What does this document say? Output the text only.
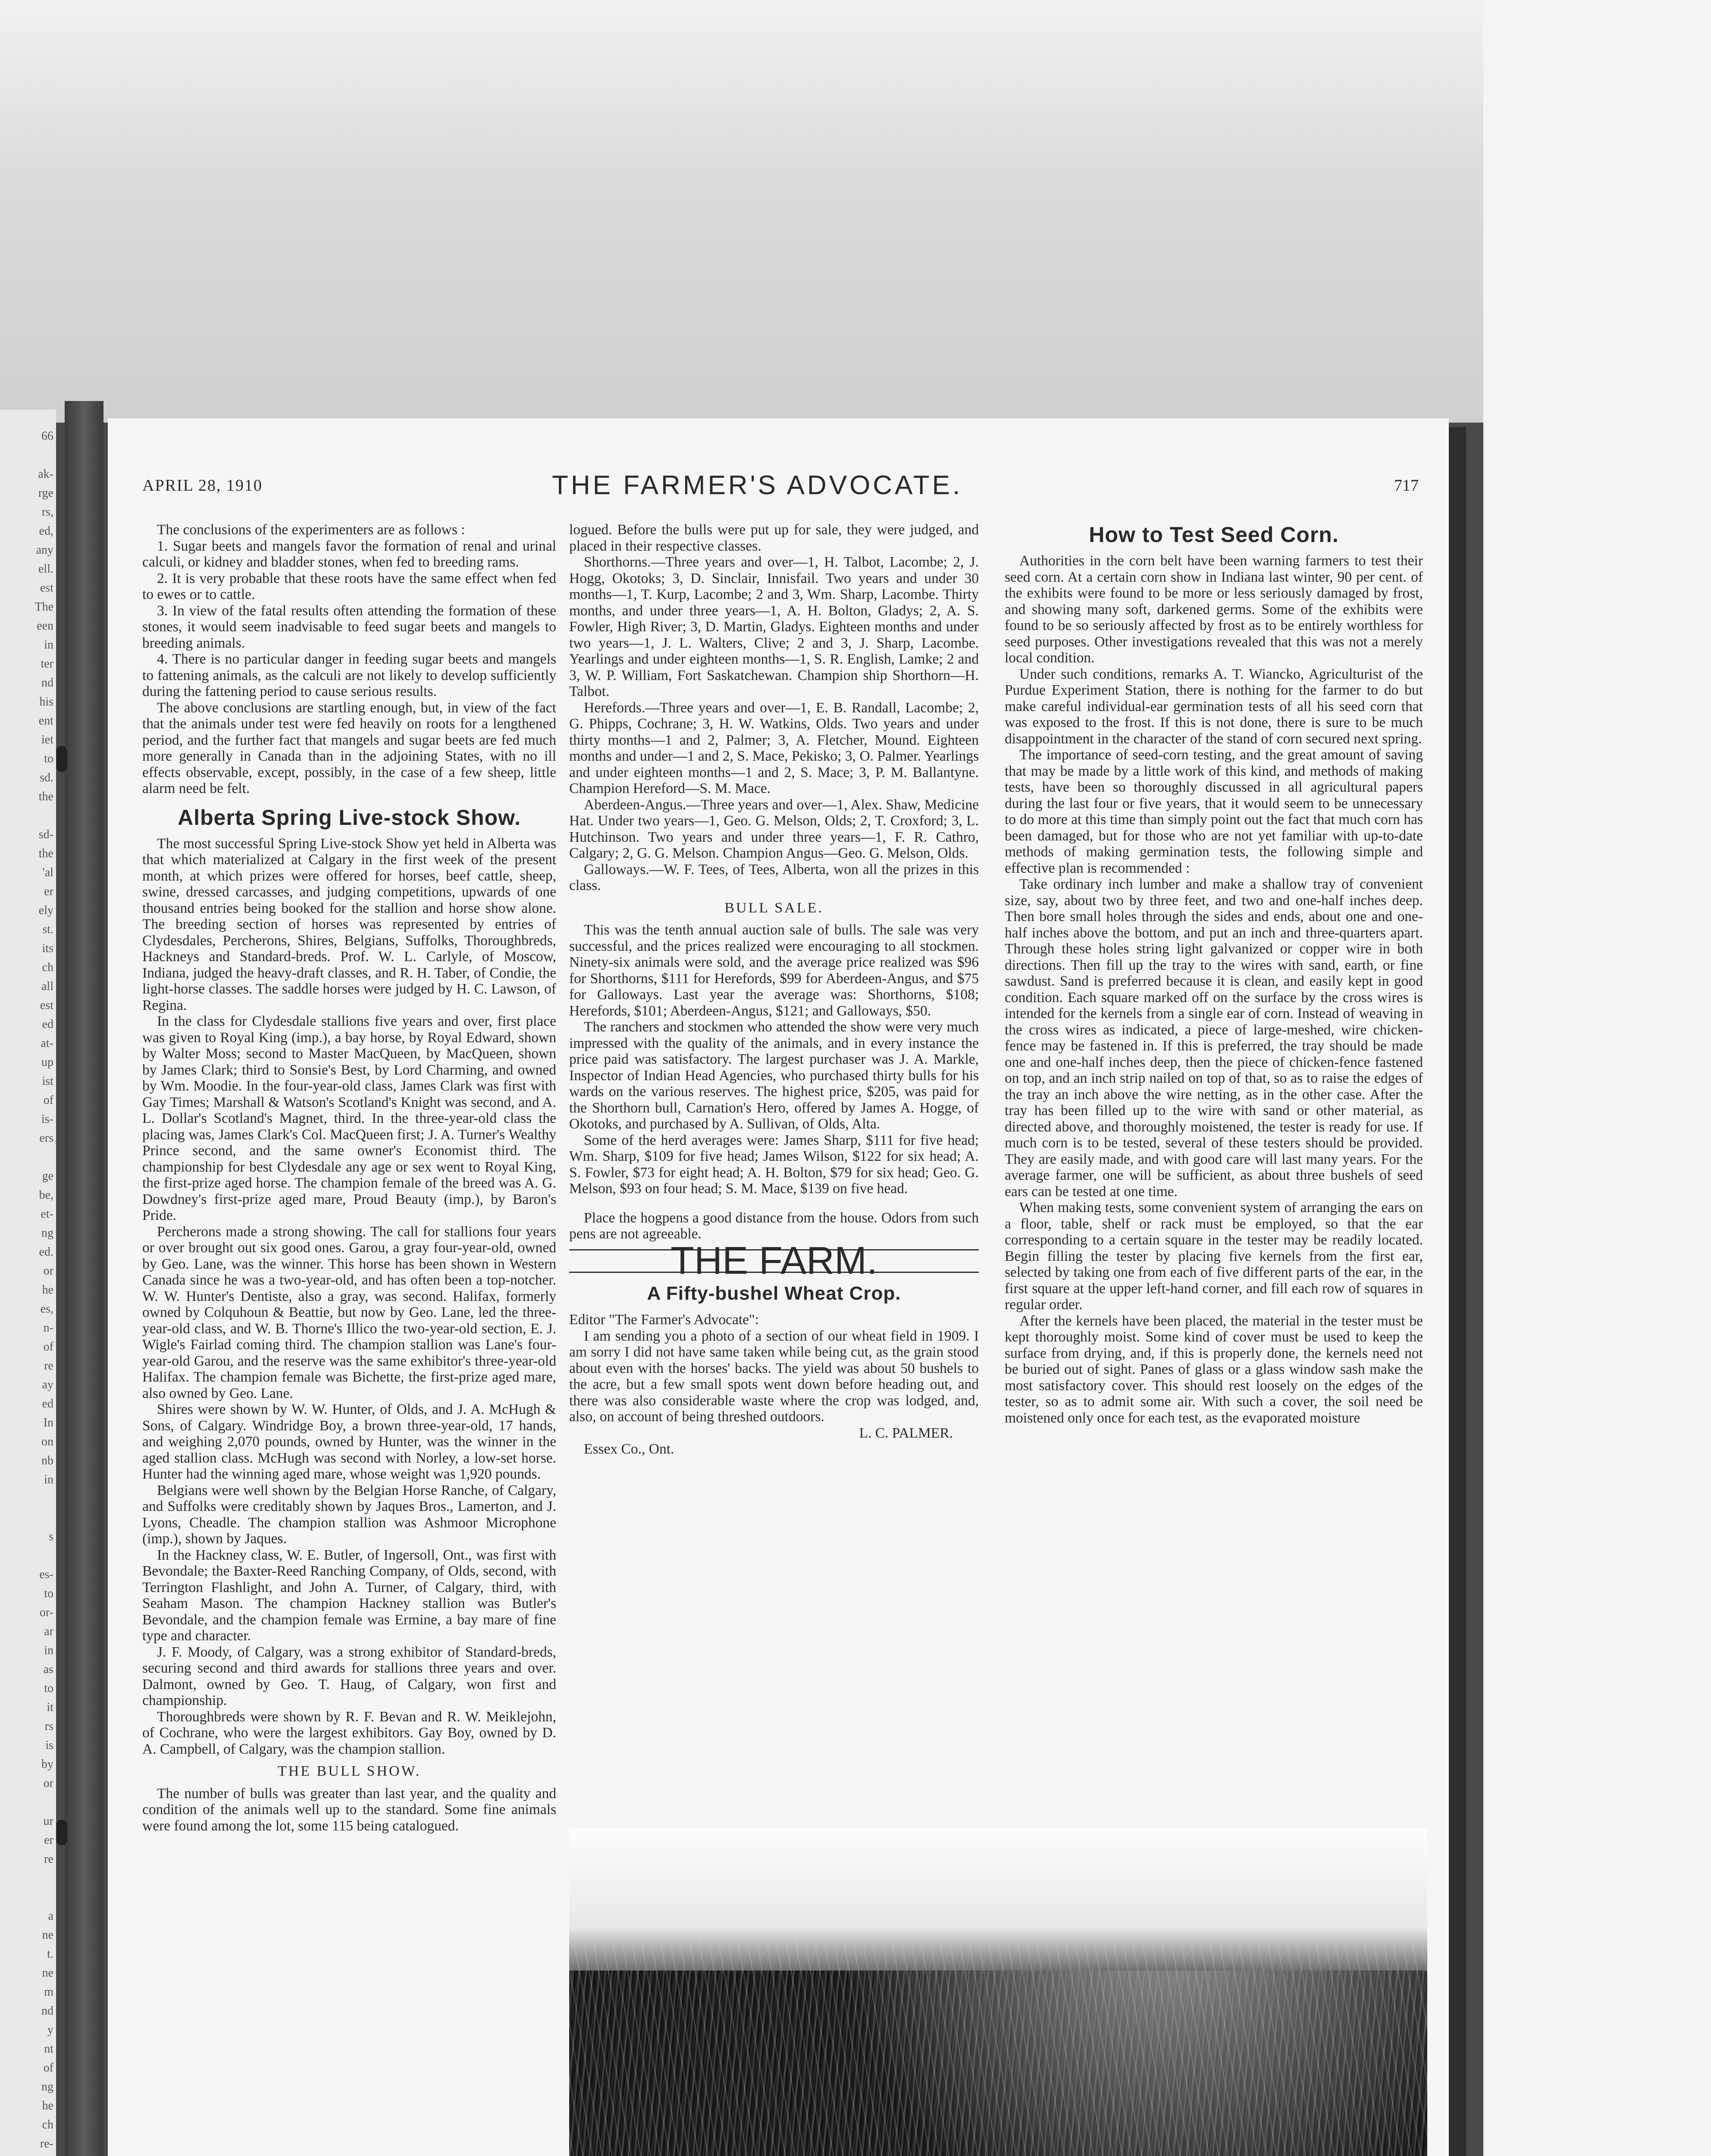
66

ak-
rge
rs,
ed,
any
ell.
est
The
een
in
ter
nd
his
ent
iet
to
sd.
the

sd-
the
'al
er
ely
st.
its
ch
all
est
ed
at-
up
ist
of
is-
ers

ge
be,
et-
ng
ed.
or
he
es,
n-
of
re
ay
ed
In
on
nb
in

s

es-
to
or-
ar
in
as
to
it
rs
is
by
or

ur
er
re

a
ne
t.
ne
m
nd
y
nt
of
ng
he
ch
re-

APRIL 28, 1910	THE FARMER'S ADVOCATE.	717

The conclusions of the experimenters are as follows :

1. Sugar beets and mangels favor the formation of renal and urinal calculi, or kidney and bladder stones, when fed to breeding rams.

2. It is very probable that these roots have the same effect when fed to ewes or to cattle.

3. In view of the fatal results often attending the formation of these stones, it would seem inadvisable to feed sugar beets and mangels to breeding animals.

4. There is no particular danger in feeding sugar beets and mangels to fattening animals, as the calculi are not likely to develop sufficiently during the fattening period to cause serious results.

The above conclusions are startling enough, but, in view of the fact that the animals under test were fed heavily on roots for a lengthened period, and the further fact that mangels and sugar beets are fed much more generally in Canada than in the adjoining States, with no ill effects observable, except, possibly, in the case of a few sheep, little alarm need be felt.

Alberta Spring Live-stock Show.

The most successful Spring Live-stock Show yet held in Alberta was that which materialized at Calgary in the first week of the present month, at which prizes were offered for horses, beef cattle, sheep, swine, dressed carcasses, and judging competitions, upwards of one thousand entries being booked for the stallion and horse show alone. The breeding section of horses was represented by entries of Clydesdales, Percherons, Shires, Belgians, Suffolks, Thoroughbreds, Hackneys and Standard-breds. Prof. W. L. Carlyle, of Moscow, Indiana, judged the heavy-draft classes, and R. H. Taber, of Condie, the light-horse classes. The saddle horses were judged by H. C. Lawson, of Regina.

In the class for Clydesdale stallions five years and over, first place was given to Royal King (imp.), a bay horse, by Royal Edward, shown by Walter Moss; second to Master MacQueen, by MacQueen, shown by James Clark; third to Sonsie's Best, by Lord Charming, and owned by Wm. Moodie. In the four-year-old class, James Clark was first with Gay Times; Marshall & Watson's Scotland's Knight was second, and A. L. Dollar's Scotland's Magnet, third. In the three-year-old class the placing was, James Clark's Col. MacQueen first; J. A. Turner's Wealthy Prince second, and the same owner's Economist third. The championship for best Clydesdale any age or sex went to Royal King, the first-prize aged horse. The champion female of the breed was A. G. Dowdney's first-prize aged mare, Proud Beauty (imp.), by Baron's Pride.

Percherons made a strong showing. The call for stallions four years or over brought out six good ones. Garou, a gray four-year-old, owned by Geo. Lane, was the winner. This horse has been shown in Western Canada since he was a two-year-old, and has often been a top-notcher. W. W. Hunter's Dentiste, also a gray, was second. Halifax, formerly owned by Colquhoun & Beattie, but now by Geo. Lane, led the three-year-old class, and W. B. Thorne's Illico the two-year-old section, E. J. Wigle's Fairlad coming third. The champion stallion was Lane's four-year-old Garou, and the reserve was the same exhibitor's three-year-old Halifax. The champion female was Bichette, the first-prize aged mare, also owned by Geo. Lane.

Shires were shown by W. W. Hunter, of Olds, and J. A. McHugh & Sons, of Calgary. Windridge Boy, a brown three-year-old, 17 hands, and weighing 2,070 pounds, owned by Hunter, was the winner in the aged stallion class. McHugh was second with Norley, a low-set horse. Hunter had the winning aged mare, whose weight was 1,920 pounds.

Belgians were well shown by the Belgian Horse Ranche, of Calgary, and Suffolks were creditably shown by Jaques Bros., Lamerton, and J. Lyons, Cheadle. The champion stallion was Ashmoor Microphone (imp.), shown by Jaques.

In the Hackney class, W. E. Butler, of Ingersoll, Ont., was first with Bevondale; the Baxter-Reed Ranching Company, of Olds, second, with Terrington Flashlight, and John A. Turner, of Calgary, third, with Seaham Mason. The champion Hackney stallion was Butler's Bevondale, and the champion female was Ermine, a bay mare of fine type and character.

J. F. Moody, of Calgary, was a strong exhibitor of Standard-breds, securing second and third awards for stallions three years and over. Dalmont, owned by Geo. T. Haug, of Calgary, won first and championship.

Thoroughbreds were shown by R. F. Bevan and R. W. Meiklejohn, of Cochrane, who were the largest exhibitors. Gay Boy, owned by D. A. Campbell, of Calgary, was the champion stallion.

THE BULL SHOW.

The number of bulls was greater than last year, and the quality and condition of the animals well up to the standard. Some fine animals were found among the lot, some 115 being catalogued.

logued. Before the bulls were put up for sale, they were judged, and placed in their respective classes.

Shorthorns.—Three years and over—1, H. Talbot, Lacombe; 2, J. Hogg, Okotoks; 3, D. Sinclair, Innisfail. Two years and under 30 months—1, T. Kurp, Lacombe; 2 and 3, Wm. Sharp, Lacombe. Thirty months, and under three years—1, A. H. Bolton, Gladys; 2, A. S. Fowler, High River; 3, D. Martin, Gladys. Eighteen months and under two years—1, J. L. Walters, Clive; 2 and 3, J. Sharp, Lacombe. Yearlings and under eighteen months—1, S. R. English, Lamke; 2 and 3, W. P. William, Fort Saskatchewan. Champion ship Shorthorn—H. Talbot.

Herefords.—Three years and over—1, E. B. Randall, Lacombe; 2, G. Phipps, Cochrane; 3, H. W. Watkins, Olds. Two years and under thirty months—1 and 2, Palmer; 3, A. Fletcher, Mound. Eighteen months and under—1 and 2, S. Mace, Pekisko; 3, O. Palmer. Yearlings and under eighteen months—1 and 2, S. Mace; 3, P. M. Ballantyne. Champion Hereford—S. M. Mace.

Aberdeen-Angus.—Three years and over—1, Alex. Shaw, Medicine Hat. Under two years—1, Geo. G. Melson, Olds; 2, T. Croxford; 3, L. Hutchinson. Two years and under three years—1, F. R. Cathro, Calgary; 2, G. G. Melson. Champion Angus—Geo. G. Melson, Olds.

Galloways.—W. F. Tees, of Tees, Alberta, won all the prizes in this class.

BULL SALE.

This was the tenth annual auction sale of bulls. The sale was very successful, and the prices realized were encouraging to all stockmen. Ninety-six animals were sold, and the average price realized was $96 for Shorthorns, $111 for Herefords, $99 for Aberdeen-Angus, and $75 for Galloways. Last year the average was: Shorthorns, $108; Herefords, $101; Aberdeen-Angus, $121; and Galloways, $50.

The ranchers and stockmen who attended the show were very much impressed with the quality of the animals, and in every instance the price paid was satisfactory. The largest purchaser was J. A. Markle, Inspector of Indian Head Agencies, who purchased thirty bulls for his wards on the various reserves. The highest price, $205, was paid for the Shorthorn bull, Carnation's Hero, offered by James A. Hogge, of Okotoks, and purchased by A. Sullivan, of Olds, Alta.

Some of the herd averages were: James Sharp, $111 for five head; Wm. Sharp, $109 for five head; James Wilson, $122 for six head; A. S. Fowler, $73 for eight head; A. H. Bolton, $79 for six head; Geo. G. Melson, $93 on four head; S. M. Mace, $139 on five head.

Place the hogpens a good distance from the house. Odors from such pens are not agreeable.

THE FARM.
A Fifty-bushel Wheat Crop.

Editor "The Farmer's Advocate":

I am sending you a photo of a section of our wheat field in 1909. I am sorry I did not have same taken while being cut, as the grain stood about even with the horses' backs. The yield was about 50 bushels to the acre, but a few small spots went down before heading out, and there was also considerable waste where the crop was lodged, and, also, on account of being threshed outdoors.

L. C. PALMER.

Essex Co., Ont.

How to Test Seed Corn.

Authorities in the corn belt have been warning farmers to test their seed corn. At a certain corn show in Indiana last winter, 90 per cent. of the exhibits were found to be more or less seriously damaged by frost, and showing many soft, darkened germs. Some of the exhibits were found to be so seriously affected by frost as to be entirely worthless for seed purposes. Other investigations revealed that this was not a merely local condition.

Under such conditions, remarks A. T. Wiancko, Agriculturist of the Purdue Experiment Station, there is nothing for the farmer to do but make careful individual-ear germination tests of all his seed corn that was exposed to the frost. If this is not done, there is sure to be much disappointment in the character of the stand of corn secured next spring.

The importance of seed-corn testing, and the great amount of saving that may be made by a little work of this kind, and methods of making tests, have been so thoroughly discussed in all agricultural papers during the last four or five years, that it would seem to be unnecessary to do more at this time than simply point out the fact that much corn has been damaged, but for those who are not yet familiar with up-to-date methods of making germination tests, the following simple and effective plan is recommended :

Take ordinary inch lumber and make a shallow tray of convenient size, say, about two by three feet, and two and one-half inches deep. Then bore small holes through the sides and ends, about one and one-half inches above the bottom, and put an inch and three-quarters apart. Through these holes string light galvanized or copper wire in both directions. Then fill up the tray to the wires with sand, earth, or fine sawdust. Sand is preferred because it is clean, and easily kept in good condition. Each square marked off on the surface by the cross wires is intended for the kernels from a single ear of corn. Instead of weaving in the cross wires as indicated, a piece of large-meshed, wire chicken-fence may be fastened in. If this is preferred, the tray should be made one and one-half inches deep, then the piece of chicken-fence fastened on top, and an inch strip nailed on top of that, so as to raise the edges of the tray an inch above the wire netting, as in the other case. After the tray has been filled up to the wire with sand or other material, as directed above, and thoroughly moistened, the tester is ready for use. If much corn is to be tested, several of these testers should be provided. They are easily made, and with good care will last many years. For the average farmer, one will be sufficient, as about three bushels of seed ears can be tested at one time.

When making tests, some convenient system of arranging the ears on a floor, table, shelf or rack must be employed, so that the ear corresponding to a certain square in the tester may be readily located. Begin filling the tester by placing five kernels from the first ear, selected by taking one from each of five different parts of the ear, in the first square at the upper left-hand corner, and fill each row of squares in regular order.

After the kernels have been placed, the material in the tester must be kept thoroughly moist. Some kind of cover must be used to keep the surface from drying, and, if this is properly done, the kernels need not be buried out of sight. Panes of glass or a glass window sash make the most satisfactory cover. This should rest loosely on the edges of the tester, so as to admit some air. With such a cover, the soil need be moistened only once for each test, as the evaporated moisture
